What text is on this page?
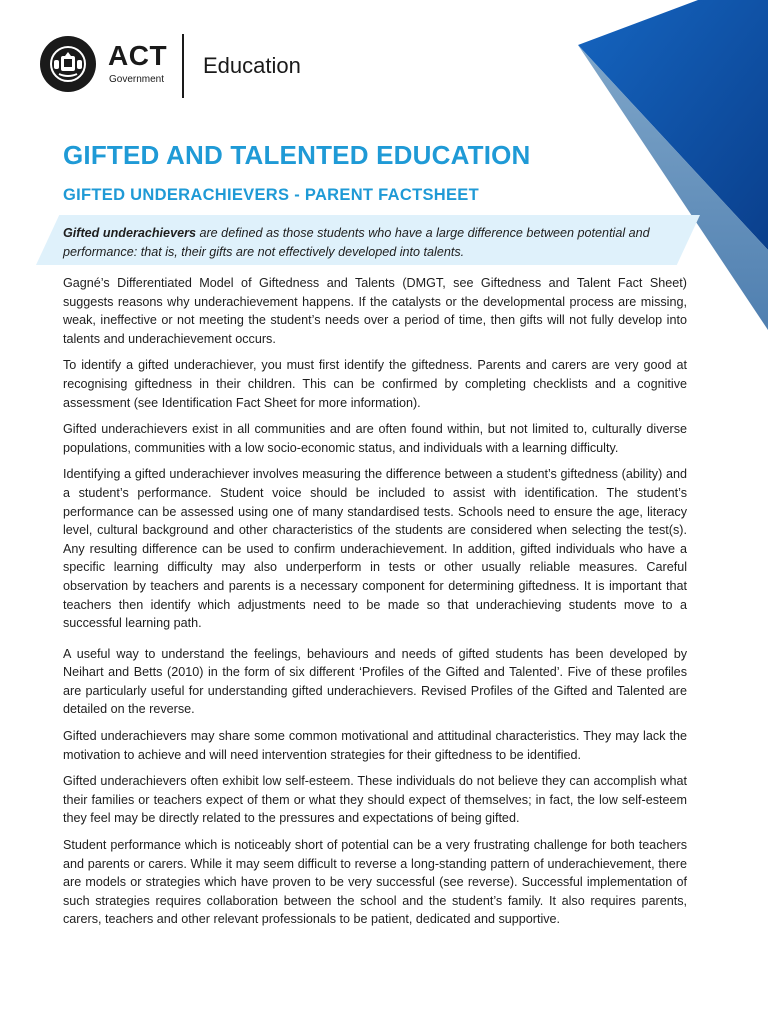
ACT
Government
Education
GIFTED AND TALENTED EDUCATION
GIFTED UNDERACHIEVERS - PARENT FACTSHEET

Gifted underachievers are defined as those students who have a large difference between potential and performance: that is, their gifts are not effectively developed into talents.

Gagné’s Differentiated Model of Giftedness and Talents (DMGT, see Giftedness and Talent Fact Sheet) suggests reasons why underachievement happens. If the catalysts or the developmental process are missing, weak, ineffective or not meeting the student’s needs over a period of time, then gifts will not fully develop into talents and underachievement occurs.

To identify a gifted underachiever, you must first identify the giftedness. Parents and carers are very good at recognising giftedness in their children. This can be confirmed by completing checklists and a cognitive assessment (see Identification Fact Sheet for more information).

Gifted underachievers exist in all communities and are often found within, but not limited to, culturally diverse populations, communities with a low socio-economic status, and individuals with a learning difficulty.

Identifying a gifted underachiever involves measuring the difference between a student’s giftedness (ability) and a student’s performance. Student voice should be included to assist with identification. The student’s performance can be assessed using one of many standardised tests. Schools need to ensure the age, literacy level, cultural background and other characteristics of the students are considered when selecting the test(s). Any resulting difference can be used to confirm underachievement. In addition, gifted individuals who have a specific learning difficulty may also underperform in tests or other usually reliable measures. Careful observation by teachers and parents is a necessary component for determining giftedness. It is important that teachers then identify which adjustments need to be made so that underachieving students move to a successful learning path.

A useful way to understand the feelings, behaviours and needs of gifted students has been developed by Neihart and Betts (2010) in the form of six different ‘Profiles of the Gifted and Talented’. Five of these profiles are particularly useful for understanding gifted underachievers. Revised Profiles of the Gifted and Talented are detailed on the reverse.

Gifted underachievers may share some common motivational and attitudinal characteristics. They may lack the motivation to achieve and will need intervention strategies for their giftedness to be identified.

Gifted underachievers often exhibit low self-esteem. These individuals do not believe they can accomplish what their families or teachers expect of them or what they should expect of themselves; in fact, the low self-esteem they feel may be directly related to the pressures and expectations of being gifted.

Student performance which is noticeably short of potential can be a very frustrating challenge for both teachers and parents or carers. While it may seem difficult to reverse a long-standing pattern of underachievement, there are models or strategies which have proven to be very successful (see reverse). Successful implementation of such strategies requires collaboration between the school and the student’s family. It also requires parents, carers, teachers and other relevant professionals to be patient, dedicated and supportive.
